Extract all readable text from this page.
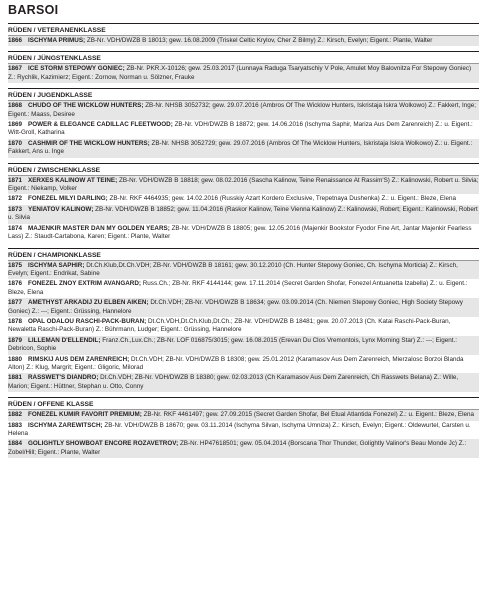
BARSOI
RÜDEN / VETERANENKLASSE
1866 ISCHYMA PRIMUS; ZB-Nr. VDH/DWZB B 18013; gew. 16.08.2009 (Triskel Celtic Krylov, Cher Z Bilmy) Z.: Kirsch, Evelyn; Eigent.: Plante, Walter
RÜDEN / JÜNGSTENKLASSE
1867 ICE STORM STEPOWY GONIEC; ZB-Nr. PKR.X-10126; gew. 25.03.2017 (Lunnaya Raduga Tsaryatschiy V Pole, Amulet Moy Balovnitza For Stepowy Goniec) Z.: Rychlik, Kazimierz; Eigent.: Zornow, Norman u. Sölzner, Frauke
RÜDEN / JUGENDKLASSE
1868 CHUDO OF THE WICKLOW HUNTERS; ZB-Nr. NHSB 3052732; gew. 29.07.2016 (Ambros Of The Wicklow Hunters, Iskristaja Iskra Wolkowo) Z.: Fakkert, Inge; Eigent.: Maass, Desiree
1869 POWER & ELEGANCE CADILLAC FLEETWOOD; ZB-Nr. VDH/DWZB B 18872; gew. 14.06.2016 (Ischyma Saphir, Mariza Aus Dem Zarenreich) Z.: u. Eigent.: Witt-Groll, Katharina
1870 CASHMIR OF THE WICKLOW HUNTERS; ZB-Nr. NHSB 3052729; gew. 29.07.2016 (Ambros Of The Wicklow Hunters, Iskristaja Iskra Wolkowo) Z.: u. Eigent.: Fakkert, Ans u. Inge
RÜDEN / ZWISCHENKLASSE
1871 XERXES KALINOW AT TEINE; ZB-Nr. VDH/DWZB B 18818; gew. 08.02.2016 (Sascha Kalinow, Teine Renaissance At Rassim'S) Z.: Kalinowski, Robert u. Silvia; Eigent.: Niekamp, Volker
1872 FONEZEL MILYI DARLING; ZB-Nr. RKF 4464935; gew. 14.02.2016 (Russkiy Azart Kordero Exclusive, Trepetnaya Dushenka) Z.: u. Eigent.: Bleze, Elena
1873 YENIATOV KALINOW; ZB-Nr. VDH/DWZB B 18852; gew. 11.04.2016 (Raskor Kalinow, Teine Vienna Kalinow) Z.: Kalinowski, Robert; Eigent.: Kalinowski, Robert u. Silvia
1874 MAJENKIR MASTER DAN MY GOLDEN YEARS; ZB-Nr. VDH/DWZB B 18805; gew. 12.05.2016 (Majenkir Bookstor Fyodor Fine Art, Jantar Majenkir Fearless Lass) Z.: Staudt-Cartabona, Karen; Eigent.: Plante, Walter
RÜDEN / CHAMPIONKLASSE
1875 ISCHYMA SAPHIR; Dt.Ch.Klub,Dt.Ch.VDH; ZB-Nr. VDH/DWZB B 18161; gew. 30.12.2010 (Ch. Hunter Stepowy Goniec, Ch. Ischyma Morticia) Z.: Kirsch, Evelyn; Eigent.: Endrikat, Sabine
1876 FONEZEL ZNOY EXTRIM AVANGARD; Russ.Ch.; ZB-Nr. RKF 4144144; gew. 17.11.2014 (Secret Garden Shofar, Fonezel Antuanetta Izabella) Z.: u. Eigent.: Bleze, Elena
1877 AMETHYST ARKADIJ ZU ELBEN AIKEN; Dt.Ch.VDH; ZB-Nr. VDH/DWZB B 18634; gew. 03.09.2014 (Ch. Niemen Stepowy Goniec, High Society Stepowy Goniec) Z.: ---; Eigent.: Grüssing, Hannelore
1878 OPAL ODALOU RASCHI-PACK-BURAN; Dt.Ch.VDH,Dt.Ch.Klub,Dt.Ch.; ZB-Nr. VDH/DWZB B 18481; gew. 20.07.2013 (Ch. Katai Raschi-Pack-Buran, Newaletta Raschi-Pack-Buran) Z.: Bührmann, Ludger; Eigent.: Grüssing, Hannelore
1879 LILLEMAN D'ELLENDIL; Franz.Ch.,Lux.Ch.; ZB-Nr. LOF 016875/3015; gew. 16.08.2015 (Erevan Du Clos Vremontois, Lynx Morning Star) Z.: ---; Eigent.: Debricon, Sophie
1880 RIMSKIJ AUS DEM ZARENREICH; Dt.Ch.VDH; ZB-Nr. VDH/DWZB B 18308; gew. 25.01.2012 (Karamasov Aus Dem Zarenreich, Mierzalosc Borzoi Blanda Alton) Z.: Klug, Margrit; Eigent.: Gligoric, Milorad
1881 RASSWET'S DIANDRO; Dt.Ch.VDH; ZB-Nr. VDH/DWZB B 18380; gew. 02.03.2013 (Ch Karamasov Aus Dem Zarenreich, Ch Rasswets Belana) Z.: Wille, Marion; Eigent.: Hüttner, Stephan u. Otto, Conny
RÜDEN / OFFENE KLASSE
1882 FONEZEL KUMIR FAVORIT PREMIUM; ZB-Nr. RKF 4461497; gew. 27.09.2015 (Secret Garden Shofar, Bel Etual Atlantida Fonezel) Z.: u. Eigent.: Bleze, Elena
1883 ISCHYMA ZAREWITSCH; ZB-Nr. VDH/DWZB B 18670; gew. 03.11.2014 (Ischyma Silvan, Ischyma Umniza) Z.: Kirsch, Evelyn; Eigent.: Oldewurtel, Carsten u. Helena
1884 GOLIGHTLY SHOWBOAT ENCORE ROZAVETROV; ZB-Nr. HP47618501; gew. 05.04.2014 (Borscana Thor Thunder, Golightly Valinor's Beau Monde Jc) Z.: Zobel/Hill; Eigent.: Plante, Walter
